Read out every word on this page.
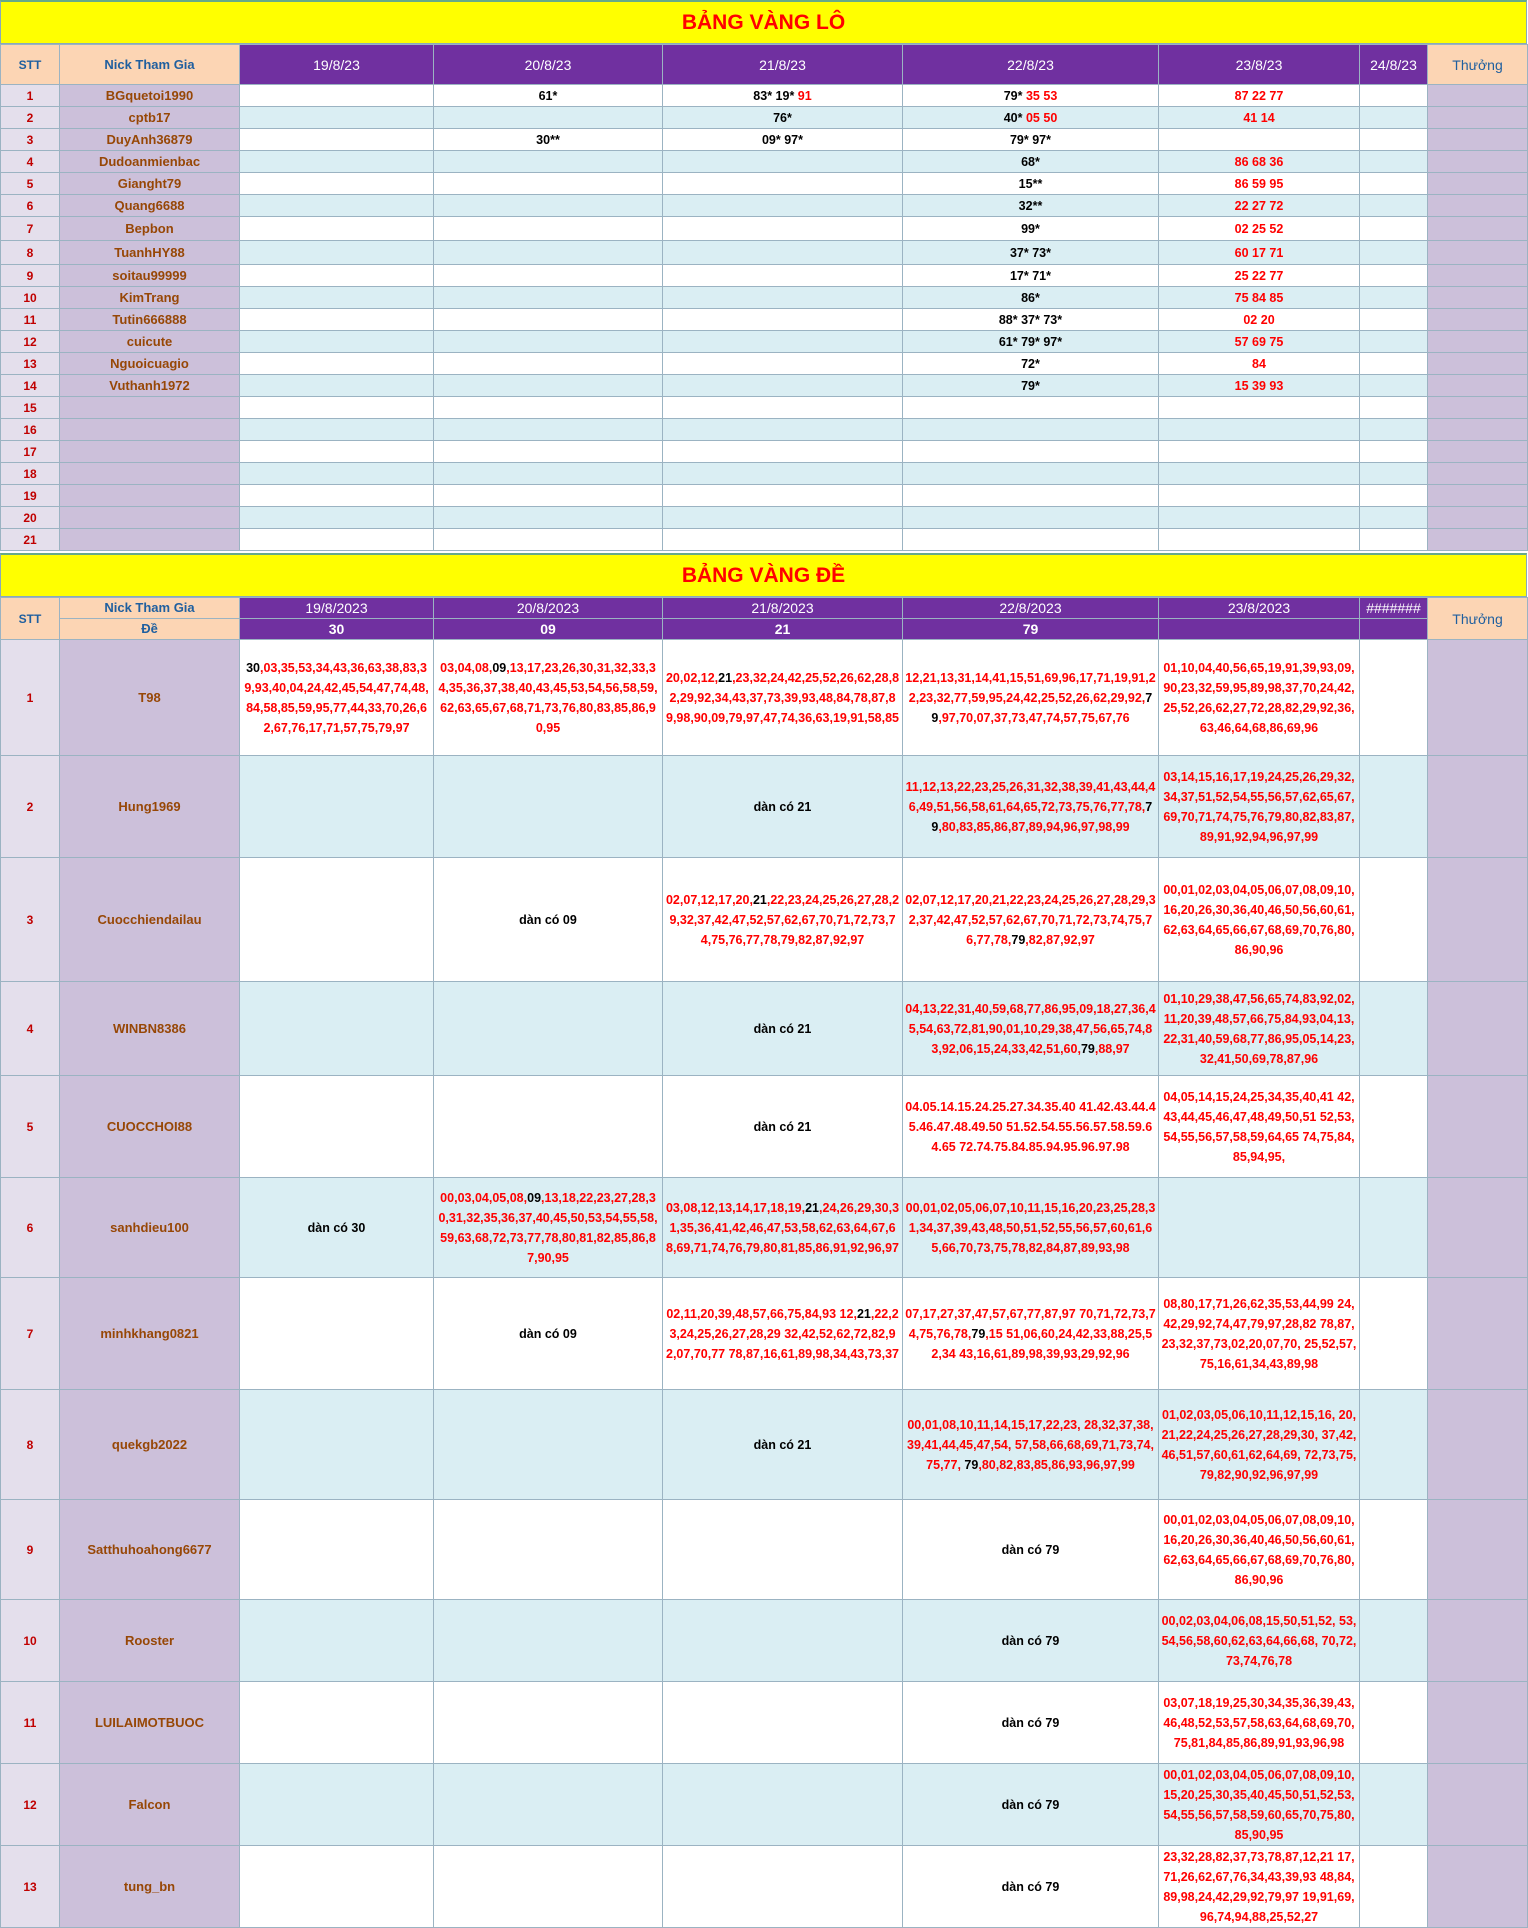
BẢNG VÀNG LÔ
STT	Nick Tham Gia	19/8/23	20/8/23	21/8/23	22/8/23	23/8/23	24/8/23	Thưởng
1	BGquetoi1990		61*	83* 19* 91	79* 35 53	87 22 77		
2	cptb17			76*	40* 05 50	41 14		
3	DuyAnh36879		30**	09* 97*	79* 97*			
4	Dudoanmienbac				68*	86 68 36		
5	Gianght79				15**	86 59 95		
6	Quang6688				32**	22 27 72		
7	Bepbon				99*	02 25 52		
8	TuanhHY88				37* 73*	60 17 71		
9	soitau99999				17* 71*	25 22 77		
10	KimTrang				86*	75 84 85		
11	Tutin666888				88* 37* 73*	02 20		
12	cuicute				61* 79* 97*	57 69 75		
13	Nguoicuagio				72*	84		
14	Vuthanh1972				79*	15 39 93		
15								
16								
17								
18								
19								
20								
21								
BẢNG VÀNG ĐỀ
STT	Nick Tham Gia	19/8/2023	20/8/2023	21/8/2023	22/8/2023	23/8/2023	#######	Thưởng
	Đề	30	09	21	79			
1	T98	30,03,35,53,34,43,36,63,38,83,39,93,40,04,24,42,45,54,47,74,48,84,58,85,59,95,77,44,33,70,26,62,67,76,17,71,57,75,79,97	03,04,08,09,13,17,23,26,30,31,32,33,34,35,36,37,38,40,43,45,53,54,56,58,59,62,63,65,67,68,71,73,76,80,83,85,86,90,95	20,02,12,21,23,32,24,42,25,52,26,62,28,82,29,92,34,43,37,73,39,93,48,84,78,87,89,98,90,09,79,97,47,74,36,63,19,91,58,85	12,21,13,31,14,41,15,51,69,96,17,71,19,91,22,23,32,77,59,95,24,42,25,52,26,62,29,92,79,97,70,07,37,73,47,74,57,75,67,76	01,10,04,40,56,65,19,91,39,93,09,90,23,32,59,95,89,98,37,70,24,42,25,52,26,62,27,72,28,82,29,92,36,63,46,64,68,86,69,96		
2	Hung1969			dàn có 21	11,12,13,22,23,25,26,31,32,38,39,41,43,44,46,49,51,56,58,61,64,65,72,73,75,76,77,78,79,80,83,85,86,87,89,94,96,97,98,99	03,14,15,16,17,19,24,25,26,29,32,34,37,51,52,54,55,56,57,62,65,67,69,70,71,74,75,76,79,80,82,83,87,89,91,92,94,96,97,99		
3	Cuocchiendailau		dàn có 09	02,07,12,17,20,21,22,23,24,25,26,27,28,29,32,37,42,47,52,57,62,67,70,71,72,73,74,75,76,77,78,79,82,87,92,97	02,07,12,17,20,21,22,23,24,25,26,27,28,29,32,37,42,47,52,57,62,67,70,71,72,73,74,75,76,77,78,79,82,87,92,97	00,01,02,03,04,05,06,07,08,09,10,16,20,26,30,36,40,46,50,56,60,61,62,63,64,65,66,67,68,69,70,76,80,86,90,96		
4	WINBN8386			dàn có 21	04,13,22,31,40,59,68,77,86,95,09,18,27,36,45,54,63,72,81,90,01,10,29,38,47,56,65,74,83,92,06,15,24,33,42,51,60,79,88,97	01,10,29,38,47,56,65,74,83,92,02,11,20,39,48,57,66,75,84,93,04,13,22,31,40,59,68,77,86,95,05,14,23,32,41,50,69,78,87,96		
5	CUOCCHOI88			dàn có 21	04.05.14.15.24.25.27.34.35.40 41.42.43.44.45.46.47.48.49.50 51.52.54.55.56.57.58.59.64.65 72.74.75.84.85.94.95.96.97.98	04,05,14,15,24,25,34,35,40,41 42,43,44,45,46,47,48,49,50,51 52,53,54,55,56,57,58,59,64,65 74,75,84,85,94,95,		
6	sanhdieu100	dàn có 30	00,03,04,05,08,09,13,18,22,23,27,28,30,31,32,35,36,37,40,45,50,53,54,55,58,59,63,68,72,73,77,78,80,81,82,85,86,87,90,95	03,08,12,13,14,17,18,19,21,24,26,29,30,31,35,36,41,42,46,47,53,58,62,63,64,67,68,69,71,74,76,79,80,81,85,86,91,92,96,97	00,01,02,05,06,07,10,11,15,16,20,23,25,28,31,34,37,39,43,48,50,51,52,55,56,57,60,61,65,66,70,73,75,78,82,84,87,89,93,98			
7	minhkhang0821		dàn có 09	02,11,20,39,48,57,66,75,84,93 12,21,22,23,24,25,26,27,28,29 32,42,52,62,72,82,92,07,70,77 78,87,16,61,89,98,34,43,73,37	07,17,27,37,47,57,67,77,87,97 70,71,72,73,74,75,76,78,79,15 51,06,60,24,42,33,88,25,52,34 43,16,61,89,98,39,93,29,92,96	08,80,17,71,26,62,35,53,44,99 24,42,29,92,74,47,79,97,28,82 78,87,23,32,37,73,02,20,07,70, 25,52,57,75,16,61,34,43,89,98		
8	quekgb2022			dàn có 21	00,01,08,10,11,14,15,17,22,23, 28,32,37,38,39,41,44,45,47,54, 57,58,66,68,69,71,73,74,75,77, 79,80,82,83,85,86,93,96,97,99	01,02,03,05,06,10,11,12,15,16, 20,21,22,24,25,26,27,28,29,30, 37,42,46,51,57,60,61,62,64,69, 72,73,75,79,82,90,92,96,97,99		
9	Satthuhoahong6677				dàn có 79	00,01,02,03,04,05,06,07,08,09,10,16,20,26,30,36,40,46,50,56,60,61,62,63,64,65,66,67,68,69,70,76,80,86,90,96		
10	Rooster				dàn có 79	00,02,03,04,06,08,15,50,51,52, 53,54,56,58,60,62,63,64,66,68, 70,72,73,74,76,78		
11	LUILAIMOTBUOC				dàn có 79	03,07,18,19,25,30,34,35,36,39,43,46,48,52,53,57,58,63,64,68,69,70,75,81,84,85,86,89,91,93,96,98		
12	Falcon				dàn có 79	00,01,02,03,04,05,06,07,08,09,10,15,20,25,30,35,40,45,50,51,52,53,54,55,56,57,58,59,60,65,70,75,80,85,90,95		
13	tung_bn				dàn có 79	23,32,28,82,37,73,78,87,12,21 17,71,26,62,67,76,34,43,39,93 48,84,89,98,24,42,29,92,79,97 19,91,69,96,74,94,88,25,52,27		
